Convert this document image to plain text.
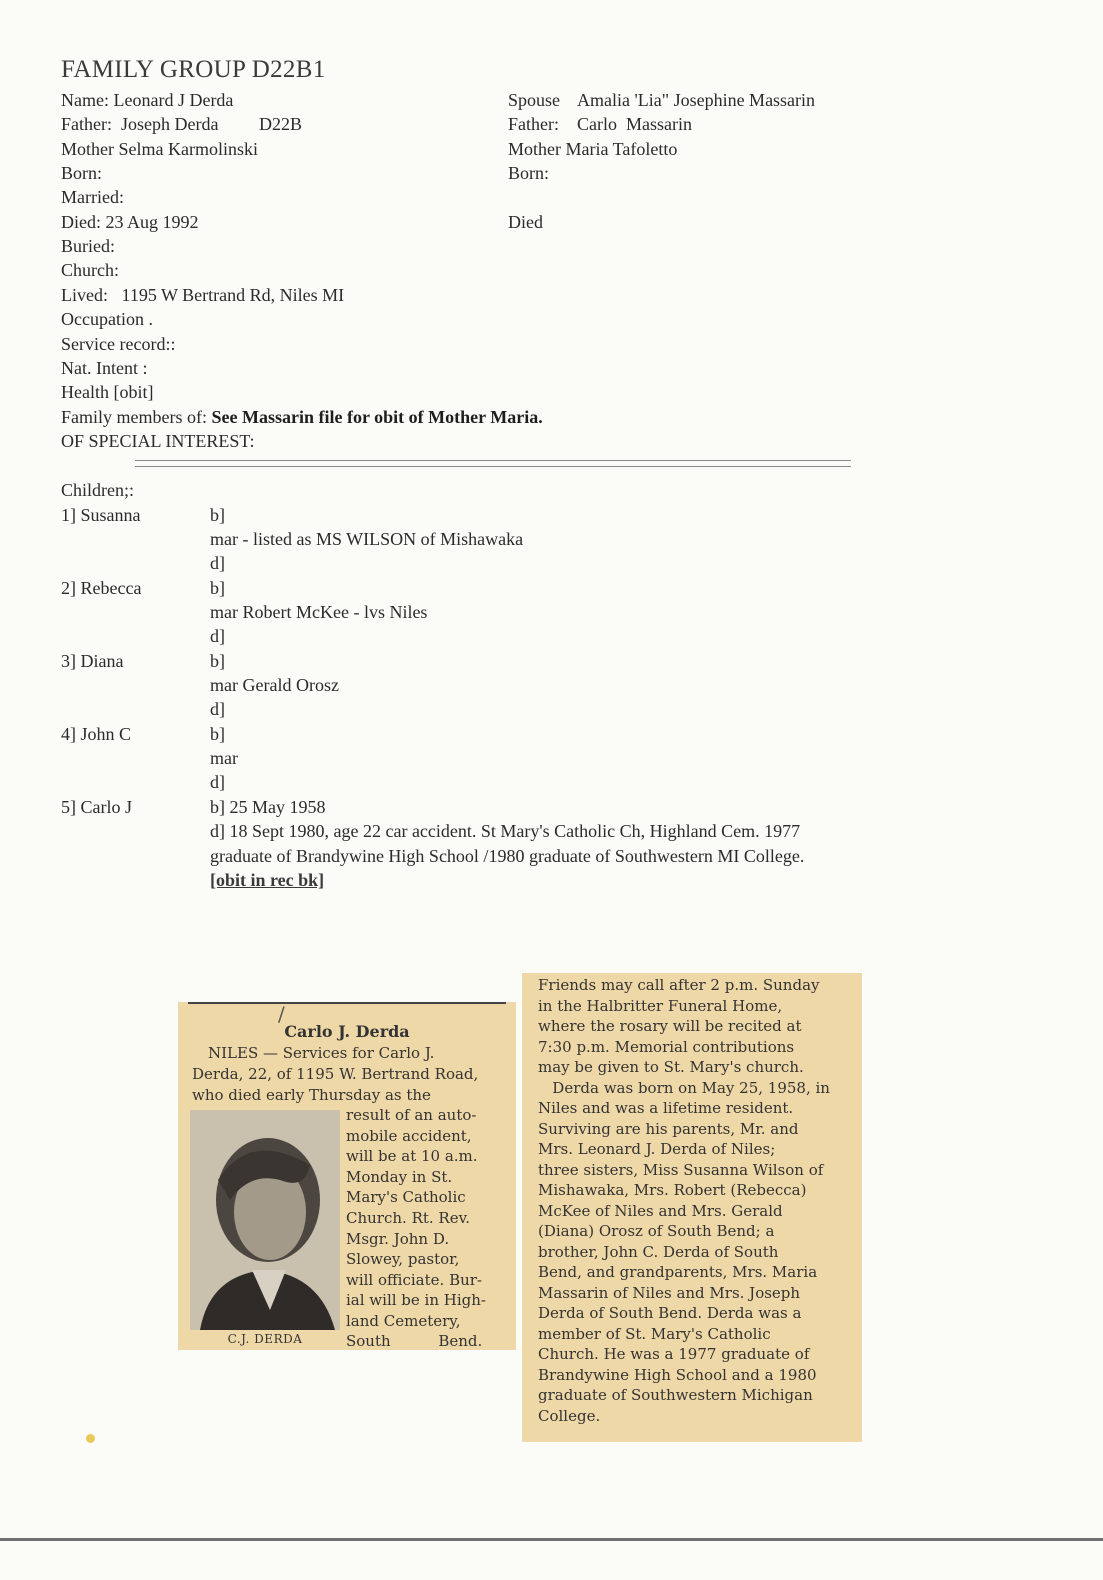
FAMILY GROUP D22B1
Name: Leonard J Derda
Father:  Joseph Derda         D22B
Mother Selma Karmolinski
Born:
Married:
Died: 23 Aug 1992
Buried:
Church:
Lived:   1195 W Bertrand Rd, Niles MI
Occupation .
Service record::
Nat. Intent :
Health [obit]
Family members of: See Massarin file for obit of Mother Maria.
OF SPECIAL INTEREST:
Spouse    Amalia 'Lia" Josephine Massarin
Father:    Carlo  Massarin
Mother Maria Tafoletto
Born:
Died
Children;:
1] Susanna	b]
mar - listed as MS WILSON of Mishawaka
d]
2] Rebecca	b]
mar Robert McKee - lvs Niles
d]
3] Diana	b]
mar Gerald Orosz
d]
4] John C	b]
mar
d]
5] Carlo J	b] 25 May 1958
d] 18 Sept 1980, age 22 car accident. St Mary's Catholic Ch, Highland Cem. 1977
graduate of Brandywine High School /1980 graduate of Southwestern MI College.
[obit in rec bk]
/
Carlo J. Derda
NILES — Services for Carlo J.
Derda, 22, of 1195 W. Bertrand Road,
who died early Thursday as the
C.J. DERDA
result of an auto-
mobile accident,
will be at 10 a.m.
Monday in St.
Mary's Catholic
Church. Rt. Rev.
Msgr. John D.
Slowey, pastor,
will officiate. Bur-
ial will be in High-
land Cemetery,
South          Bend.
Friends may call after 2 p.m. Sunday
in the Halbritter Funeral Home,
where the rosary will be recited at
7:30 p.m. Memorial contributions
may be given to St. Mary's church.
Derda was born on May 25, 1958, in
Niles and was a lifetime resident.
Surviving are his parents, Mr. and
Mrs. Leonard J. Derda of Niles;
three sisters, Miss Susanna Wilson of
Mishawaka, Mrs. Robert (Rebecca)
McKee of Niles and Mrs. Gerald
(Diana) Orosz of South Bend; a
brother, John C. Derda of South
Bend, and grandparents, Mrs. Maria
Massarin of Niles and Mrs. Joseph
Derda of South Bend. Derda was a
member of St. Mary's Catholic
Church. He was a 1977 graduate of
Brandywine High School and a 1980
graduate of Southwestern Michigan
College.
